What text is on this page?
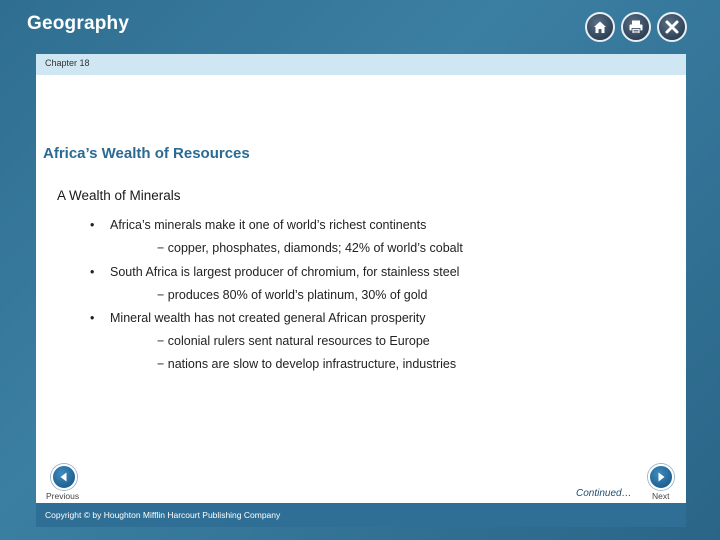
Geography
Chapter 18
Africa’s Wealth of Resources
A Wealth of Minerals
• Africa’s minerals make it one of world’s richest continents
− copper, phosphates, diamonds; 42% of world’s cobalt
• South Africa is largest producer of chromium, for stainless steel
− produces 80% of world’s platinum, 30% of gold
• Mineral wealth has not created general African prosperity
− colonial rulers sent natural resources to Europe
− nations are slow to develop infrastructure, industries
Previous	Continued… Next
Copyright © by Houghton Mifflin Harcourt Publishing Company
